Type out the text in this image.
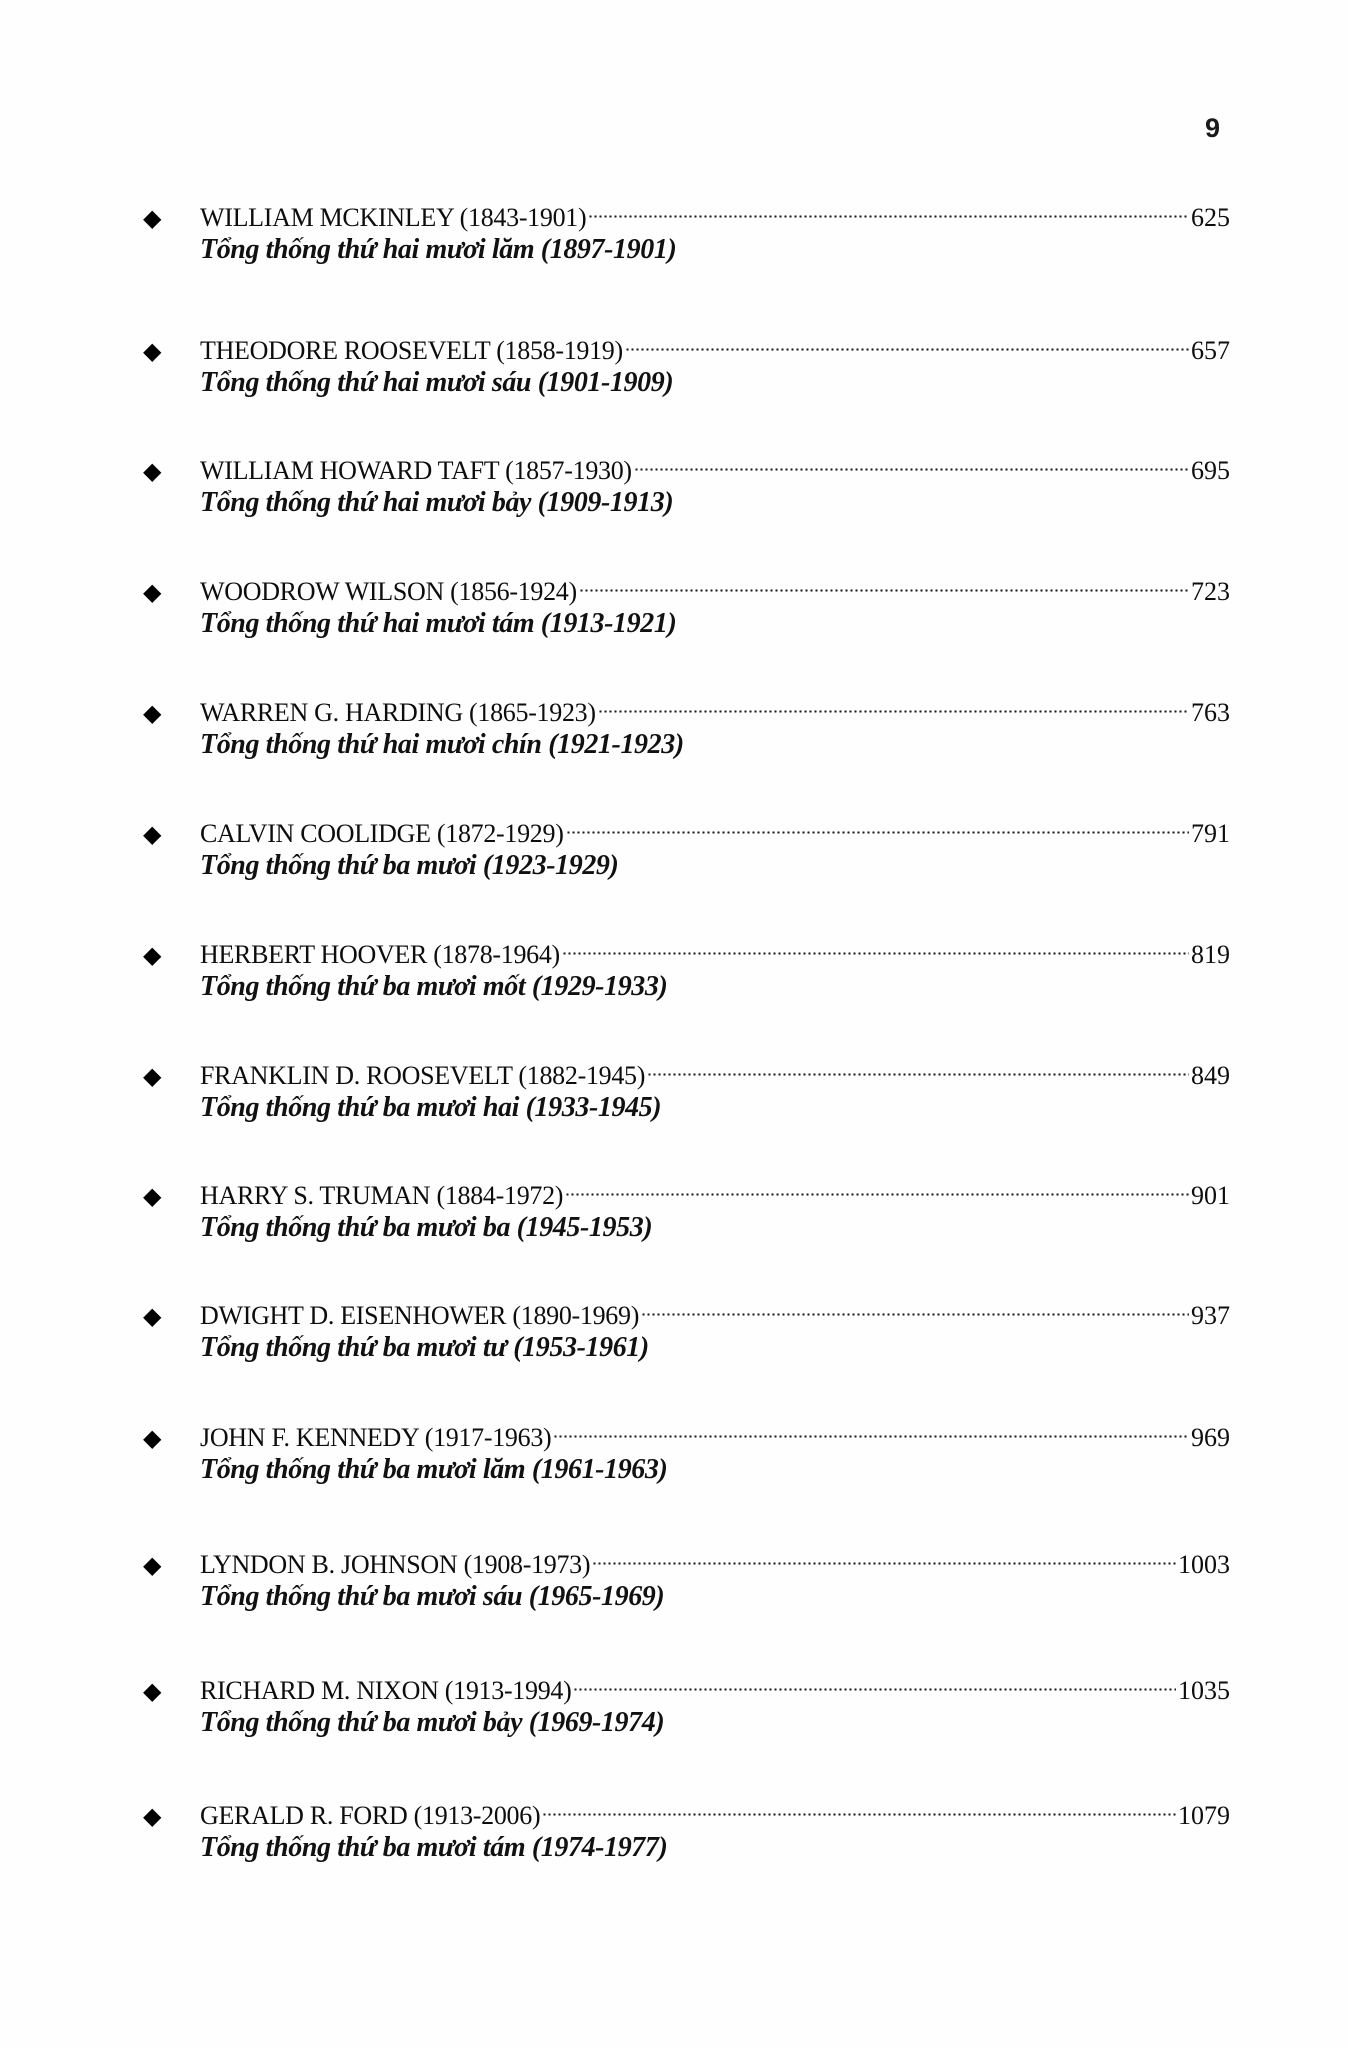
9
◆	WILLIAM MCKINLEY (1843-1901)	625
Tổng thống thứ hai mươi lăm (1897-1901)
◆	THEODORE ROOSEVELT (1858-1919)	657
Tổng thống thứ hai mươi sáu (1901-1909)
◆	WILLIAM HOWARD TAFT (1857-1930)	695
Tổng thống thứ hai mươi bảy (1909-1913)
◆	WOODROW WILSON (1856-1924)	723
Tổng thống thứ hai mươi tám (1913-1921)
◆	WARREN G. HARDING (1865-1923)	763
Tổng thống thứ hai mươi chín (1921-1923)
◆	CALVIN COOLIDGE (1872-1929)	791
Tổng thống thứ ba mươi (1923-1929)
◆	HERBERT HOOVER (1878-1964)	819
Tổng thống thứ ba mươi mốt (1929-1933)
◆	FRANKLIN D. ROOSEVELT (1882-1945)	849
Tổng thống thứ ba mươi hai (1933-1945)
◆	HARRY S. TRUMAN (1884-1972)	901
Tổng thống thứ ba mươi ba (1945-1953)
◆	DWIGHT D. EISENHOWER (1890-1969)	937
Tổng thống thứ ba mươi tư (1953-1961)
◆	JOHN F. KENNEDY (1917-1963)	969
Tổng thống thứ ba mươi lăm (1961-1963)
◆	LYNDON B. JOHNSON (1908-1973)	1003
Tổng thống thứ ba mươi sáu (1965-1969)
◆	RICHARD M. NIXON (1913-1994)	1035
Tổng thống thứ ba mươi bảy (1969-1974)
◆	GERALD R. FORD (1913-2006)	1079
Tổng thống thứ ba mươi tám (1974-1977)
